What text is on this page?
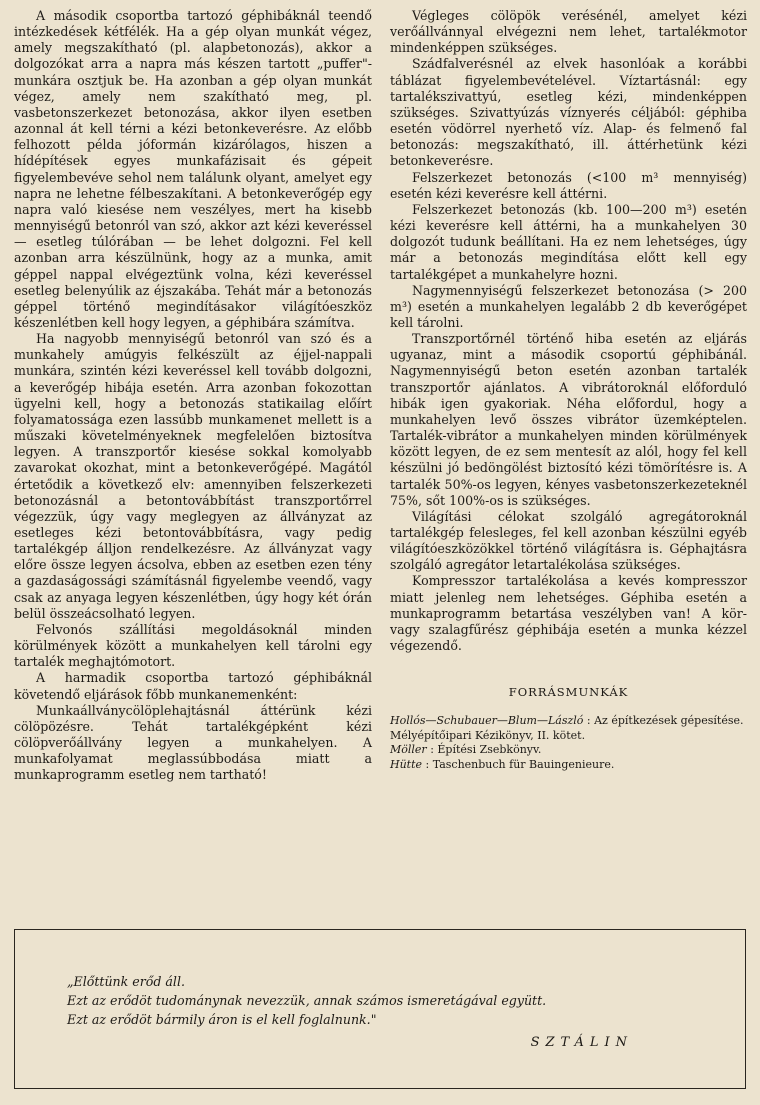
A második csoportba tartozó géphibáknál teendő intézkedések kétfélék. Ha a gép olyan munkát végez, amely megszakítható (pl. alapbetonozás), akkor a dolgozókat arra a napra más készen tartott „puffer"-munkára osztjuk be. Ha azonban a gép olyan munkát végez, amely nem szakítható meg, pl. vasbetonszerkezet betonozása, akkor ilyen esetben azonnal át kell térni a kézi betonkeverésre. Az előbb felhozott példa jóformán kizárólagos, hiszen a hídépítések egyes munkafázisait és gépeit figyelembevéve sehol nem találunk olyant, amelyet egy napra ne lehetne félbeszakítani. A betonkeverőgép egy napra való kiesése nem veszélyes, mert ha kisebb mennyiségű betonról van szó, akkor azt kézi keveréssel — esetleg túlórában — be lehet dolgozni. Fel kell azonban arra készülnünk, hogy az a munka, amit géppel nappal elvégeztünk volna, kézi keveréssel esetleg belenyúlik az éjszakába. Tehát már a betonozás géppel történő megindításakor világítóeszköz készenlétben kell hogy legyen, a géphibára számítva.

Ha nagyobb mennyiségű betonról van szó és a munkahely amúgyis felkészült az éjjel-nappali munkára, szintén kézi keveréssel kell tovább dolgozni, a keverőgép hibája esetén. Arra azonban fokozottan ügyelni kell, hogy a betonozás statikailag előírt folyamatossága ezen lassúbb munkamenet mellett is a műszaki követelményeknek megfelelően biztosítva legyen. A transzportőr kiesése sokkal komolyabb zavarokat okozhat, mint a betonkeverőgépé. Magától értetődik a következő elv: amennyiben felszerkezeti betonozásnál a betontovábbítást transzportőrrel végezzük, úgy vagy meglegyen az állványzat az esetleges kézi betontovábbításra, vagy pedig tartalékgép álljon rendelkezésre. Az állványzat vagy előre össze legyen ácsolva, ebben az esetben ezen tény a gazdaságossági számításnál figyelembe veendő, vagy csak az anyaga legyen készenlétben, úgy hogy két órán belül összeácsolható legyen.

Felvonós szállítási megoldásoknál minden körülmények között a munkahelyen kell tárolni egy tartalék meghajtómotort.

A harmadik csoportba tartozó géphibáknál követendő eljárások főbb munkanemenként:

Munkaállványcölöplehajtásnál áttérünk kézi cölöpözésre. Tehát tartalékgépként kézi cölöpverőállvány legyen a munkahelyen. A munkafolyamat meglassúbbodása miatt a munkaprogramm esetleg nem tartható!

Végleges cölöpök verésénél, amelyet kézi verőállvánnyal elvégezni nem lehet, tartalékmotor mindenképpen szükséges.

Szádfalverésnél az elvek hasonlóak a korábbi táblázat figyelembevételével. Víztartásnál: egy tartalékszivattyú, esetleg kézi, mindenképpen szükséges. Szivattyúzás víznyerés céljából: géphiba esetén vödörrel nyerhető víz. Alap- és felmenő fal betonozás: megszakítható, ill. áttérhetünk kézi betonkeverésre.

Felszerkezet betonozás (<100 m³ mennyiség) esetén kézi keverésre kell áttérni.

Felszerkezet betonozás (kb. 100—200 m³) esetén kézi keverésre kell áttérni, ha a munkahelyen 30 dolgozót tudunk beállítani. Ha ez nem lehetséges, úgy már a betonozás megindítása előtt kell egy tartalékgépet a munkahelyre hozni.

Nagymennyiségű felszerkezet betonozása (> 200 m³) esetén a munkahelyen legalább 2 db keverőgépet kell tárolni.

Transzportőrnél történő hiba esetén az eljárás ugyanaz, mint a második csoportú géphibánál. Nagymennyiségű beton esetén azonban tartalék transzportőr ajánlatos. A vibrátoroknál előforduló hibák igen gyakoriak. Néha előfordul, hogy a munkahelyen levő összes vibrátor üzemképtelen. Tartalék-vibrátor a munkahelyen minden körülmények között legyen, de ez sem mentesít az alól, hogy fel kell készülni jó bedöngölést biztosító kézi tömörítésre is. A tartalék 50%-os legyen, kényes vasbetonszerkezeteknél 75%, sőt 100%-os is szükséges.

Világítási célokat szolgáló agregátoroknál tartalékgép felesleges, fel kell azonban készülni egyéb világítóeszközökkel történő világításra is. Géphajtásra szolgáló agregátor letartalékolása szükséges.

Kompresszor tartalékolása a kevés kompresszor miatt jelenleg nem lehetséges. Géphiba esetén a munkaprogramm betartása veszélyben van! A kör- vagy szalagfűrész géphibája esetén a munka kézzel végezendő.

FORRÁSMUNKÁK

Hollós—Schubauer—Blum—László : Az építkezések gépesítése. Mélyépítőipari Kézikönyv, II. kötet.

Möller : Építési Zsebkönyv.

Hütte : Taschenbuch für Bauingenieure.

„Előttünk erőd áll.
Ezt az erődöt tudománynak nevezzük, annak számos ismeretágával együtt.
Ezt az erődöt bármily áron is el kell foglalnunk."
SZTÁLIN
